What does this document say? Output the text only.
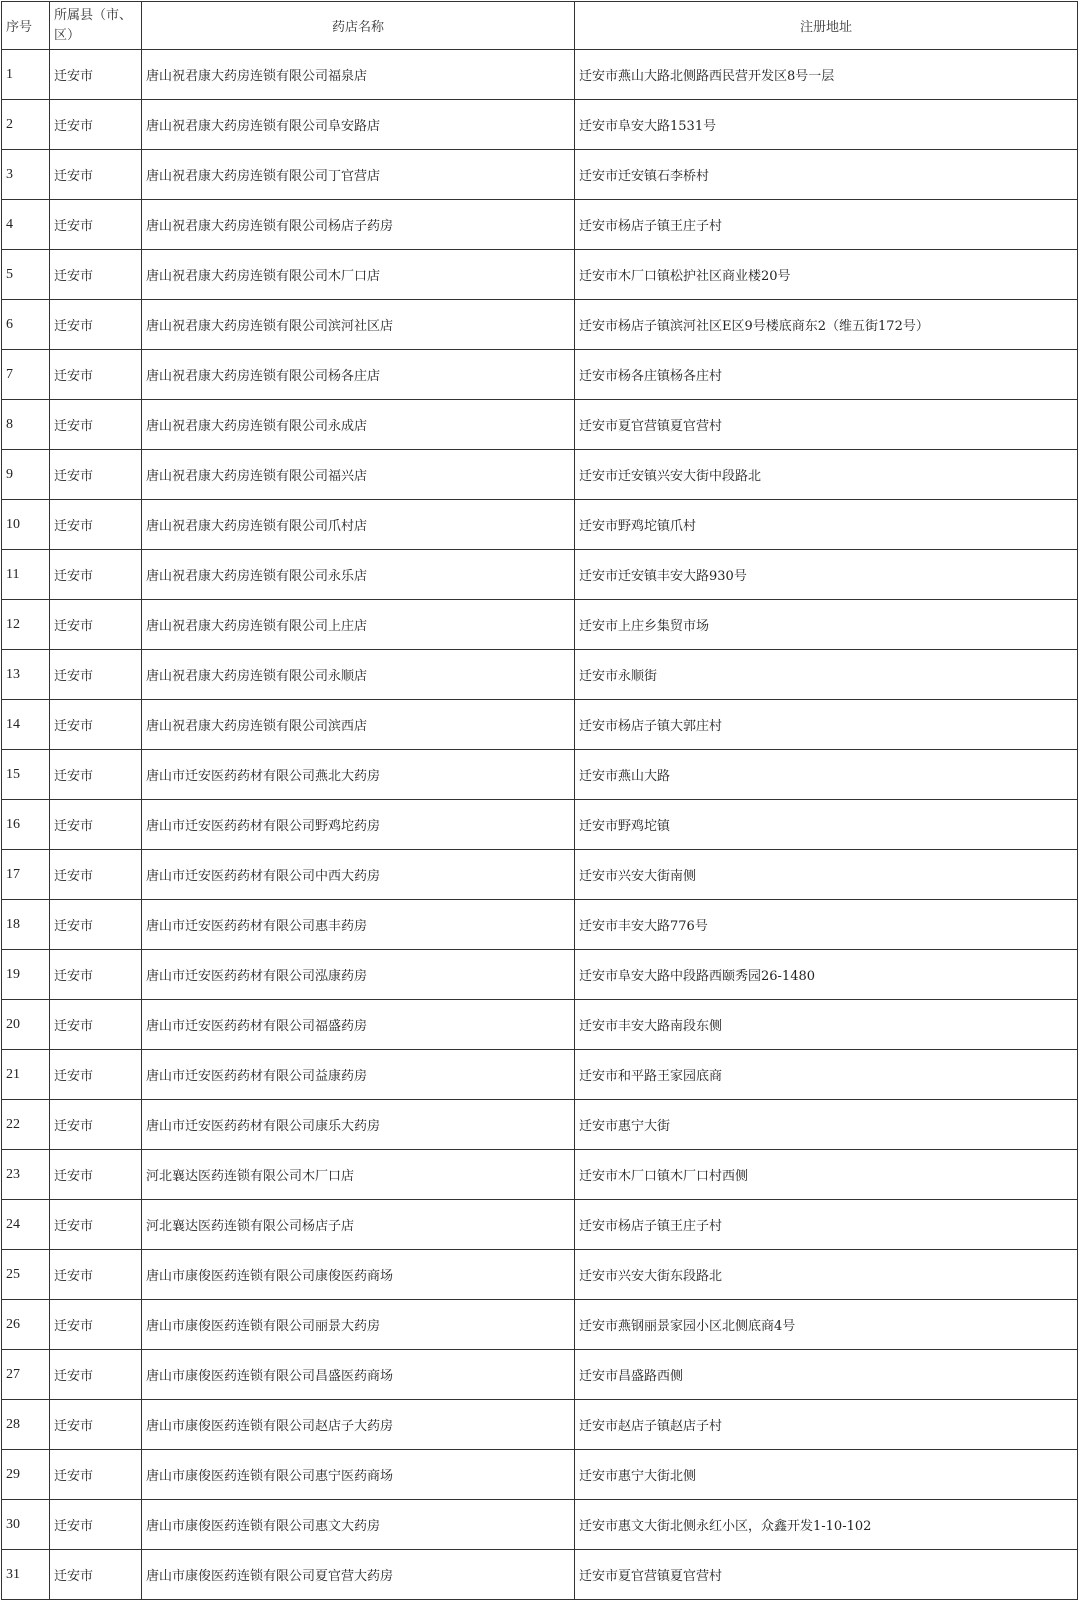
序号	所属县（市、区）	药店名称	注册地址
1	迁安市	唐山祝君康大药房连锁有限公司福泉店	迁安市燕山大路北侧路西民营开发区8号一层
2	迁安市	唐山祝君康大药房连锁有限公司阜安路店	迁安市阜安大路1531号
3	迁安市	唐山祝君康大药房连锁有限公司丁官营店	迁安市迁安镇石李桥村
4	迁安市	唐山祝君康大药房连锁有限公司杨店子药房	迁安市杨店子镇王庄子村
5	迁安市	唐山祝君康大药房连锁有限公司木厂口店	迁安市木厂口镇松护社区商业楼20号
6	迁安市	唐山祝君康大药房连锁有限公司滨河社区店	迁安市杨店子镇滨河社区E区9号楼底商东2（维五街172号）
7	迁安市	唐山祝君康大药房连锁有限公司杨各庄店	迁安市杨各庄镇杨各庄村
8	迁安市	唐山祝君康大药房连锁有限公司永成店	迁安市夏官营镇夏官营村
9	迁安市	唐山祝君康大药房连锁有限公司福兴店	迁安市迁安镇兴安大街中段路北
10	迁安市	唐山祝君康大药房连锁有限公司爪村店	迁安市野鸡坨镇爪村
11	迁安市	唐山祝君康大药房连锁有限公司永乐店	迁安市迁安镇丰安大路930号
12	迁安市	唐山祝君康大药房连锁有限公司上庄店	迁安市上庄乡集贸市场
13	迁安市	唐山祝君康大药房连锁有限公司永顺店	迁安市永顺街
14	迁安市	唐山祝君康大药房连锁有限公司滨西店	迁安市杨店子镇大郭庄村
15	迁安市	唐山市迁安医药药材有限公司燕北大药房	迁安市燕山大路
16	迁安市	唐山市迁安医药药材有限公司野鸡坨药房	迁安市野鸡坨镇
17	迁安市	唐山市迁安医药药材有限公司中西大药房	迁安市兴安大街南侧
18	迁安市	唐山市迁安医药药材有限公司惠丰药房	迁安市丰安大路776号
19	迁安市	唐山市迁安医药药材有限公司泓康药房	迁安市阜安大路中段路西颐秀园26-1480
20	迁安市	唐山市迁安医药药材有限公司福盛药房	迁安市丰安大路南段东侧
21	迁安市	唐山市迁安医药药材有限公司益康药房	迁安市和平路王家园底商
22	迁安市	唐山市迁安医药药材有限公司康乐大药房	迁安市惠宁大街
23	迁安市	河北襄达医药连锁有限公司木厂口店	迁安市木厂口镇木厂口村西侧
24	迁安市	河北襄达医药连锁有限公司杨店子店	迁安市杨店子镇王庄子村
25	迁安市	唐山市康俊医药连锁有限公司康俊医药商场	迁安市兴安大街东段路北
26	迁安市	唐山市康俊医药连锁有限公司丽景大药房	迁安市燕钢丽景家园小区北侧底商4号
27	迁安市	唐山市康俊医药连锁有限公司昌盛医药商场	迁安市昌盛路西侧
28	迁安市	唐山市康俊医药连锁有限公司赵店子大药房	迁安市赵店子镇赵店子村
29	迁安市	唐山市康俊医药连锁有限公司惠宁医药商场	迁安市惠宁大街北侧
30	迁安市	唐山市康俊医药连锁有限公司惠文大药房	迁安市惠文大街北侧永红小区，众鑫开发1-10-102
31	迁安市	唐山市康俊医药连锁有限公司夏官营大药房	迁安市夏官营镇夏官营村
